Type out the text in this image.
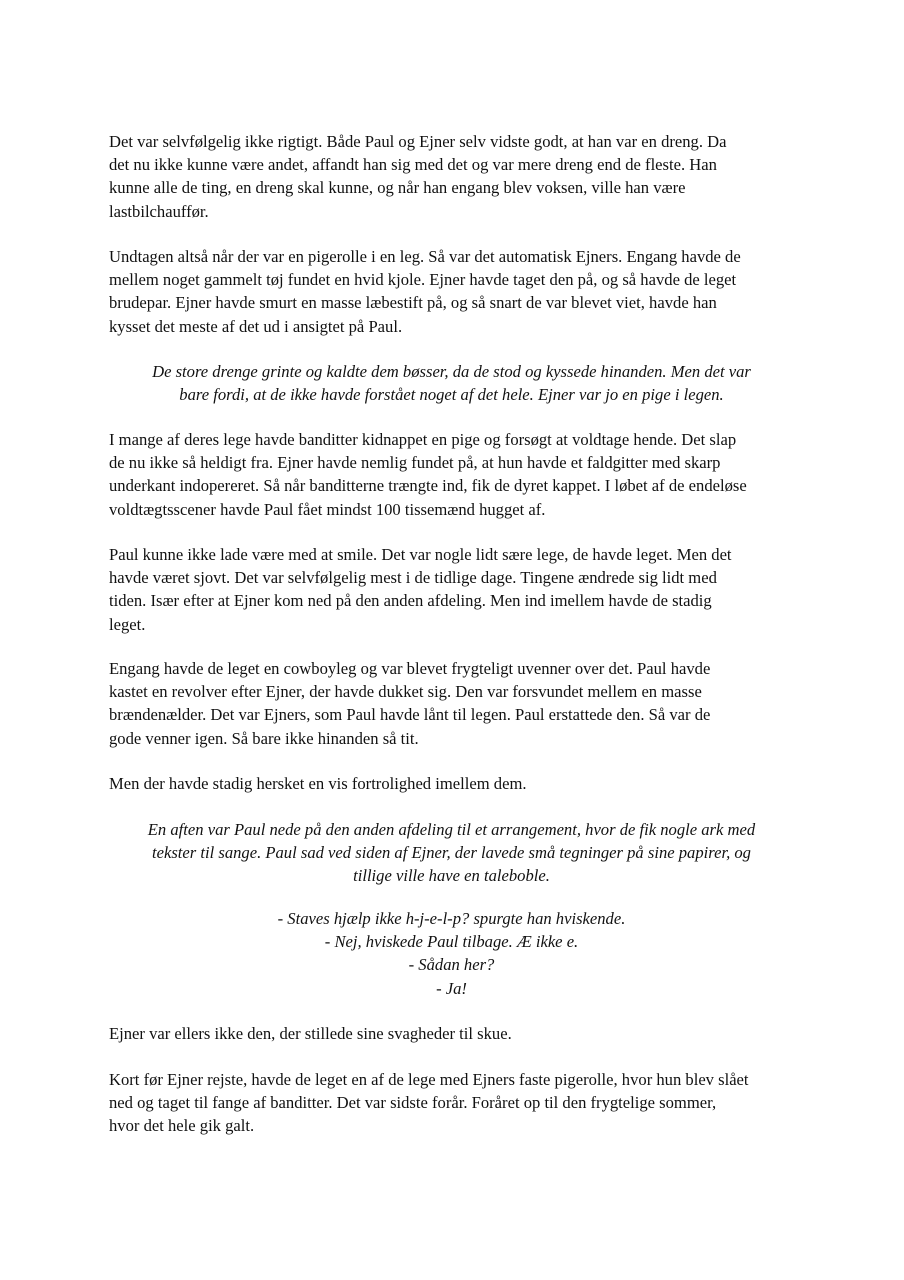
Det var selvfølgelig ikke rigtigt. Både Paul og Ejner selv vidste godt, at han var en dreng. Da
det nu ikke kunne være andet, affandt han sig med det og var mere dreng end de fleste. Han
kunne alle de ting, en dreng skal kunne, og når han engang blev voksen, ville han være
lastbilchauffør.

Undtagen altså når der var en pigerolle i en leg. Så var det automatisk Ejners. Engang havde de
mellem noget gammelt tøj fundet en hvid kjole. Ejner havde taget den på, og så havde de leget
brudepar. Ejner havde smurt en masse læbestift på, og så snart de var blevet viet, havde han
kysset det meste af det ud i ansigtet på Paul.

De store drenge grinte og kaldte dem bøsser, da de stod og kyssede hinanden. Men det var
bare fordi, at de ikke havde forstået noget af det hele. Ejner var jo en pige i legen.

I mange af deres lege havde banditter kidnappet en pige og forsøgt at voldtage hende. Det slap
de nu ikke så heldigt fra. Ejner havde nemlig fundet på, at hun havde et faldgitter med skarp
underkant indopereret. Så når banditterne trængte ind, fik de dyret kappet. I løbet af de endeløse
voldtægtsscener havde Paul fået mindst 100 tissemænd hugget af.

Paul kunne ikke lade være med at smile. Det var nogle lidt sære lege, de havde leget. Men det
havde været sjovt. Det var selvfølgelig mest i de tidlige dage. Tingene ændrede sig lidt med
tiden. Især efter at Ejner kom ned på den anden afdeling. Men ind imellem havde de stadig
leget.

Engang havde de leget en cowboyleg og var blevet frygteligt uvenner over det. Paul havde
kastet en revolver efter Ejner, der havde dukket sig. Den var forsvundet mellem en masse
brændenælder. Det var Ejners, som Paul havde lånt til legen. Paul erstattede den. Så var de
gode venner igen. Så bare ikke hinanden så tit.

Men der havde stadig hersket en vis fortrolighed imellem dem.

En aften var Paul nede på den anden afdeling til et arrangement, hvor de fik nogle ark med
tekster til sange. Paul sad ved siden af Ejner, der lavede små tegninger på sine papirer, og
tillige ville have en taleboble.

- Staves hjælp ikke h-j-e-l-p? spurgte han hviskende.
- Nej, hviskede Paul tilbage. Æ ikke e.
- Sådan her?
- Ja!

Ejner var ellers ikke den, der stillede sine svagheder til skue.

Kort før Ejner rejste, havde de leget en af de lege med Ejners faste pigerolle, hvor hun blev slået
ned og taget til fange af banditter. Det var sidste forår. Foråret op til den frygtelige sommer,
hvor det hele gik galt.
